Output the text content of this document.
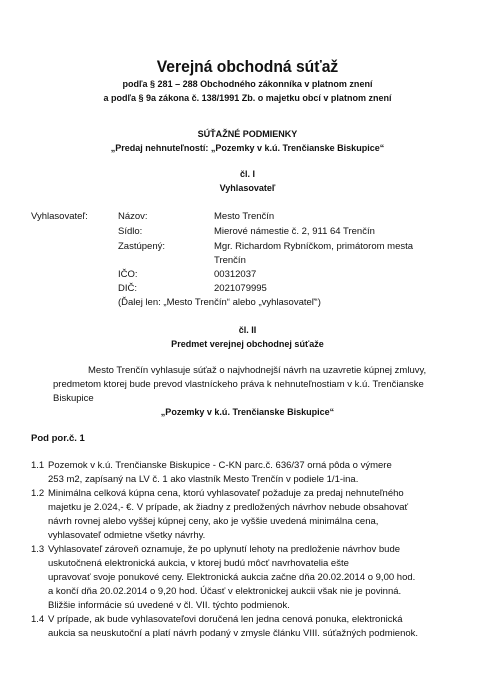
Verejná obchodná súťaž
podľa § 281 – 288 Obchodného zákonníka v platnom znení
a podľa § 9a zákona č. 138/1991 Zb. o majetku obcí v platnom znení
SÚŤAŽNÉ PODMIENKY
„Predaj nehnuteľností: „Pozemky v k.ú. Trenčianske Biskupice“
čl. I
Vyhlasovateľ
Vyhlasovateľ:	Názov:	Mesto Trenčín
Sídlo:	Mierové námestie č. 2, 911 64 Trenčín
Zastúpený:	Mgr. Richardom Rybníčkom, primátorom mesta
Trenčín
IČO:	00312037
DIČ:	2021079995
(Ďalej len: „Mesto Trenčín“ alebo „vyhlasovateľ“)
čl. II
Predmet verejnej obchodnej súťaže
Mesto Trenčín vyhlasuje súťaž o najvhodnejší návrh na uzavretie kúpnej zmluvy,
predmetom ktorej bude prevod vlastníckeho práva k nehnuteľnostiam v k.ú. Trenčianske
Biskupice
„Pozemky v k.ú. Trenčianske Biskupice“
Pod por.č. 1
1.1 Pozemok v k.ú. Trenčianske Biskupice - C-KN parc.č. 636/37 orná pôda o výmere
253 m2, zapísaný na LV č. 1 ako vlastník Mesto Trenčín v podiele 1/1-ina.
1.2 Minimálna celková kúpna cena, ktorú vyhlasovateľ požaduje za predaj nehnuteľného
majetku je 2.024,- €. V prípade, ak žiadny z predložených návrhov nebude obsahovať
návrh rovnej alebo vyššej kúpnej ceny, ako je vyššie uvedená minimálna cena,
vyhlasovateľ odmietne všetky návrhy.
1.3 Vyhlasovateľ zároveň oznamuje, že po uplynutí lehoty na predloženie návrhov bude
uskutočnená elektronická aukcia, v ktorej budú môcť navrhovatelia ešte
upravovať svoje ponukové ceny. Elektronická aukcia začne dňa 20.02.2014 o 9,00 hod.
a končí dňa 20.02.2014 o 9,20 hod. Účasť v elektronickej aukcii však nie je povinná.
Bližšie informácie sú uvedené v čl. VII. týchto podmienok.
1.4 V prípade, ak bude vyhlasovateľovi doručená len jedna cenová ponuka, elektronická
aukcia sa neuskutoční a platí návrh podaný v zmysle článku VIII. súťažných podmienok.
